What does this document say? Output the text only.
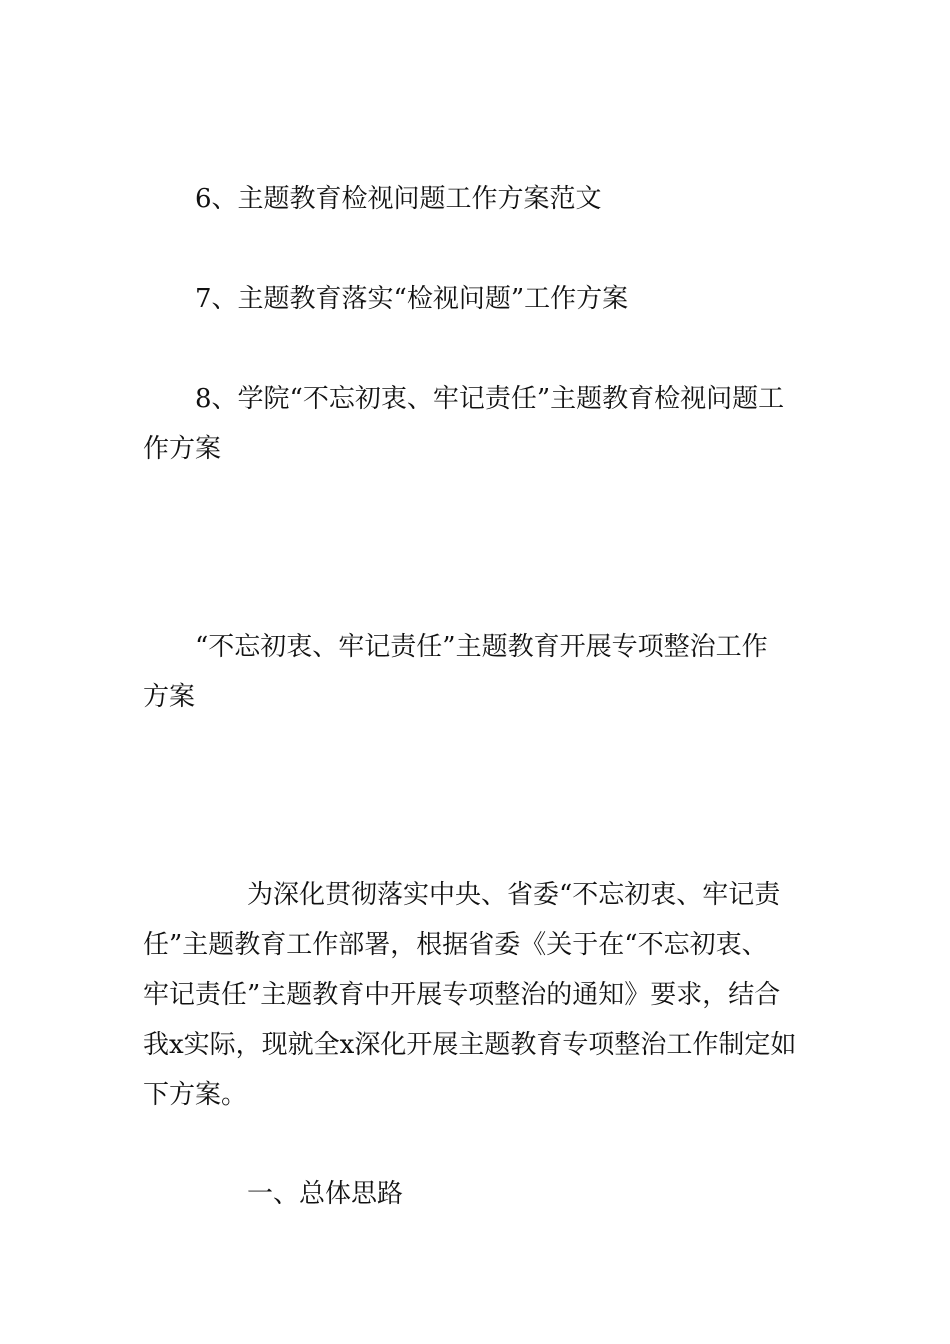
6、主题教育检视问题工作方案范文

7、主题教育落实“检视问题”工作方案

8、学院“不忘初衷、牢记责任”主题教育检视问题工

作方案

“不忘初衷、牢记责任”主题教育开展专项整治工作

方案

为深化贯彻落实中央、省委“不忘初衷、牢记责

任”主题教育工作部署，根据省委《关于在“不忘初衷、

牢记责任”主题教育中开展专项整治的通知》要求，结合

我x实际，现就全x深化开展主题教育专项整治工作制定如

下方案。

一、总体思路
